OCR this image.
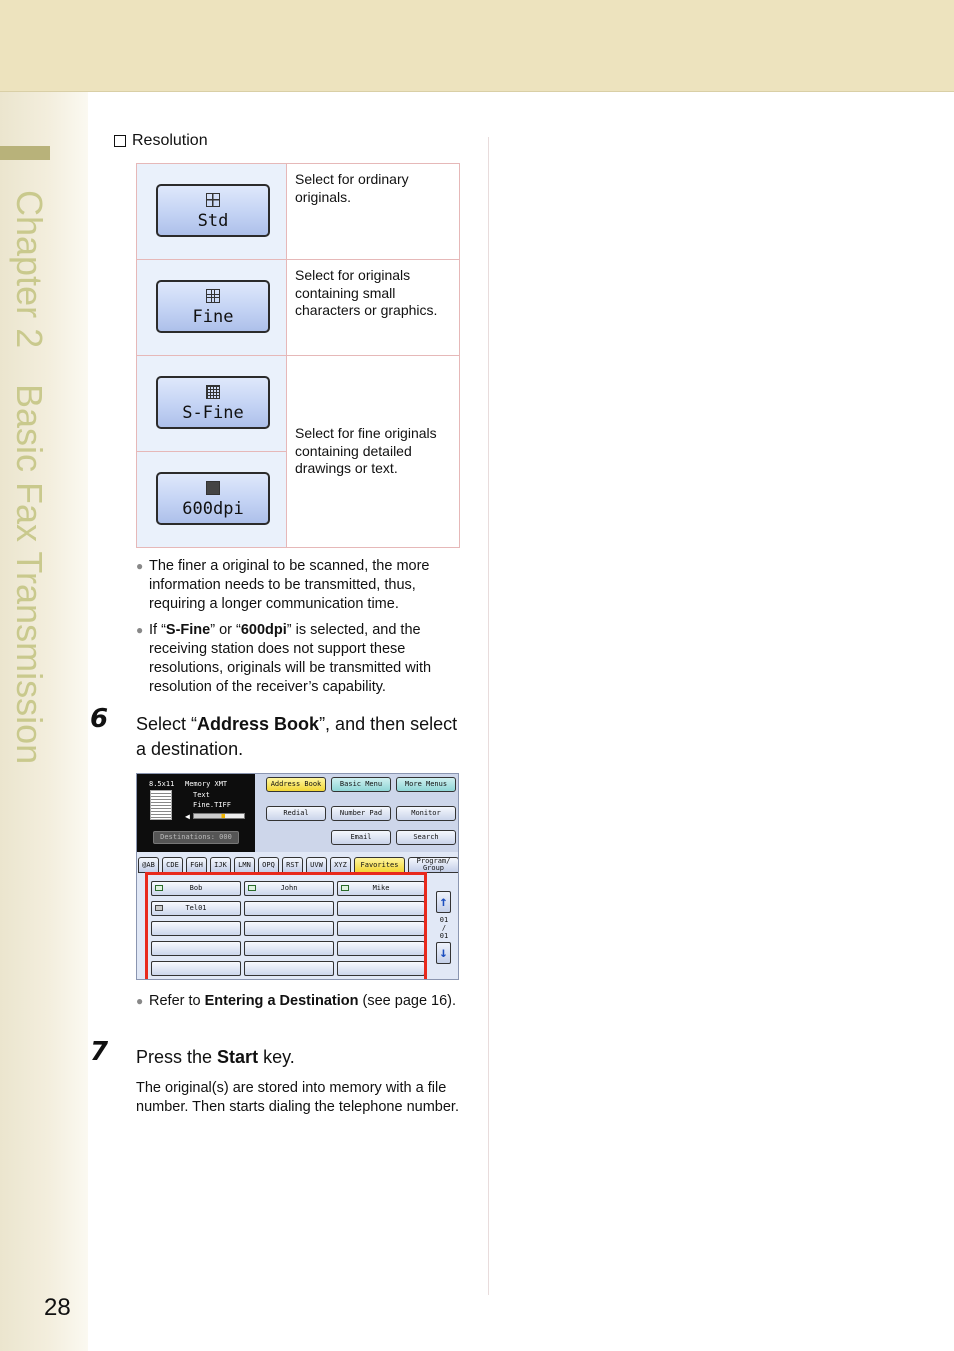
Chapter 2 Basic Fax Transmission
Resolution
Std	Select for ordinary originals.

Fine	Select for originals containing small characters or graphics.

S-Fine	Select for fine originals containing detailed drawings or text.

600dpi	
● The finer a original to be scanned, the more information needs to be transmitted, thus, requiring a longer communication time.
● If “S-Fine” or “600dpi” is selected, and the receiving station does not support these resolutions, originals will be transmitted with resolution of the receiver’s capability.
6 Select “Address Book”, and then select a destination.
8.5x11 Memory XMT
Text
Fine.TIFF
◀
Destinations: 000
Address Book	Basic Menu	More Menus
Redial	Number Pad	Monitor
Email	Search
@AB	CDE	FGH	IJK	LMN	OPQ	RST	UVW	XYZ	Favorites	Program/ Group
Bob	John	Mike
Tel01	↑
01
/
01
↓
● Refer to Entering a Destination (see page 16).
7 Press the Start key.
The original(s) are stored into memory with a file number. Then starts dialing the telephone number.
28
